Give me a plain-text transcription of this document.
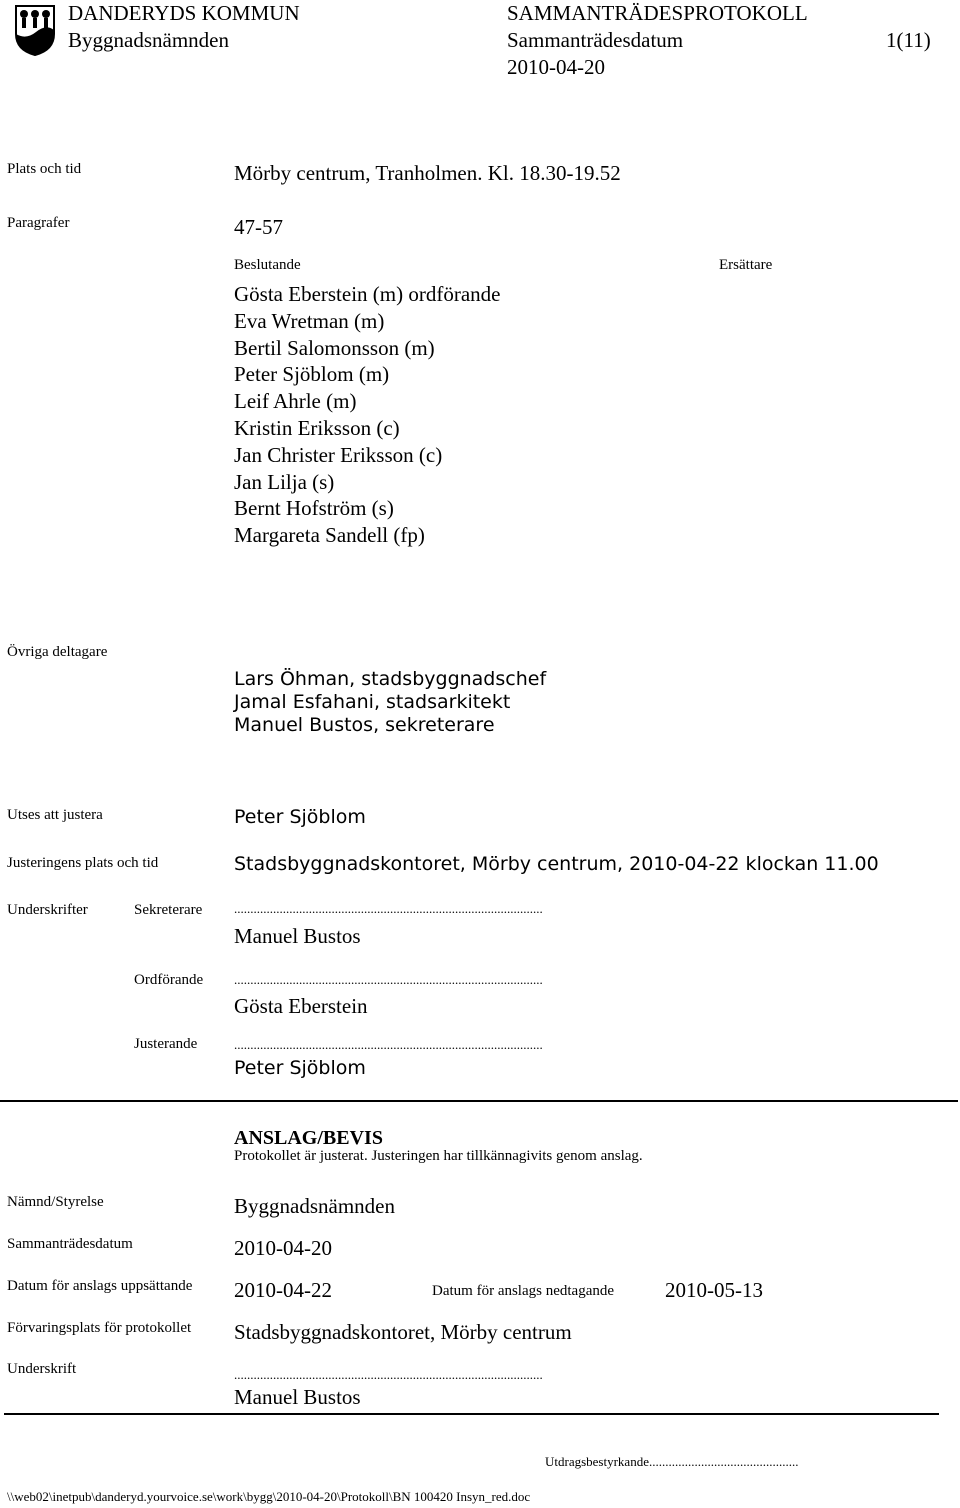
DANDERYDS KOMMUN
Byggnadsnämnden
SAMMANTRÄDESPROTOKOLL
Sammanträdesdatum
2010-04-20
1(11)
Plats och tid	Mörby centrum, Tranholmen. Kl. 18.30-19.52
Paragrafer	47-57
Beslutande	Ersättare
Gösta Eberstein (m) ordförande
Eva Wretman (m)
Bertil Salomonsson (m)
Peter Sjöblom (m)
Leif Ahrle (m)
Kristin Eriksson (c)
Jan Christer Eriksson (c)
Jan Lilja (s)
Bernt Hofström (s)
Margareta Sandell (fp)
Övriga deltagare
Lars Öhman, stadsbyggnadschef
Jamal Esfahani, stadsarkitekt
Manuel Bustos, sekreterare
Utses att justera	Peter Sjöblom
Justeringens plats och tid	Stadsbyggnadskontoret, Mörby centrum, 2010-04-22 klockan 11.00
Underskrifter	Sekreterare ...............................................................................................
Manuel Bustos
Ordförande ...............................................................................................
Gösta Eberstein
Justerande	...............................................................................................
Peter Sjöblom
ANSLAG/BEVIS
Protokollet är justerat. Justeringen har tillkännagivits genom anslag.
Nämnd/Styrelse	Byggnadsnämnden
Sammanträdesdatum	2010-04-20
Datum för anslags uppsättande 2010-04-22	Datum för anslags nedtagande 2010-05-13
Förvaringsplats för protokollet Stadsbyggnadskontoret, Mörby centrum
Underskrift	...............................................................................................
Manuel Bustos
Utdragsbestyrkande..............................................
\\web02\inetpub\danderyd.yourvoice.se\work\bygg\2010-04-20\Protokoll\BN 100420 Insyn_red.doc
